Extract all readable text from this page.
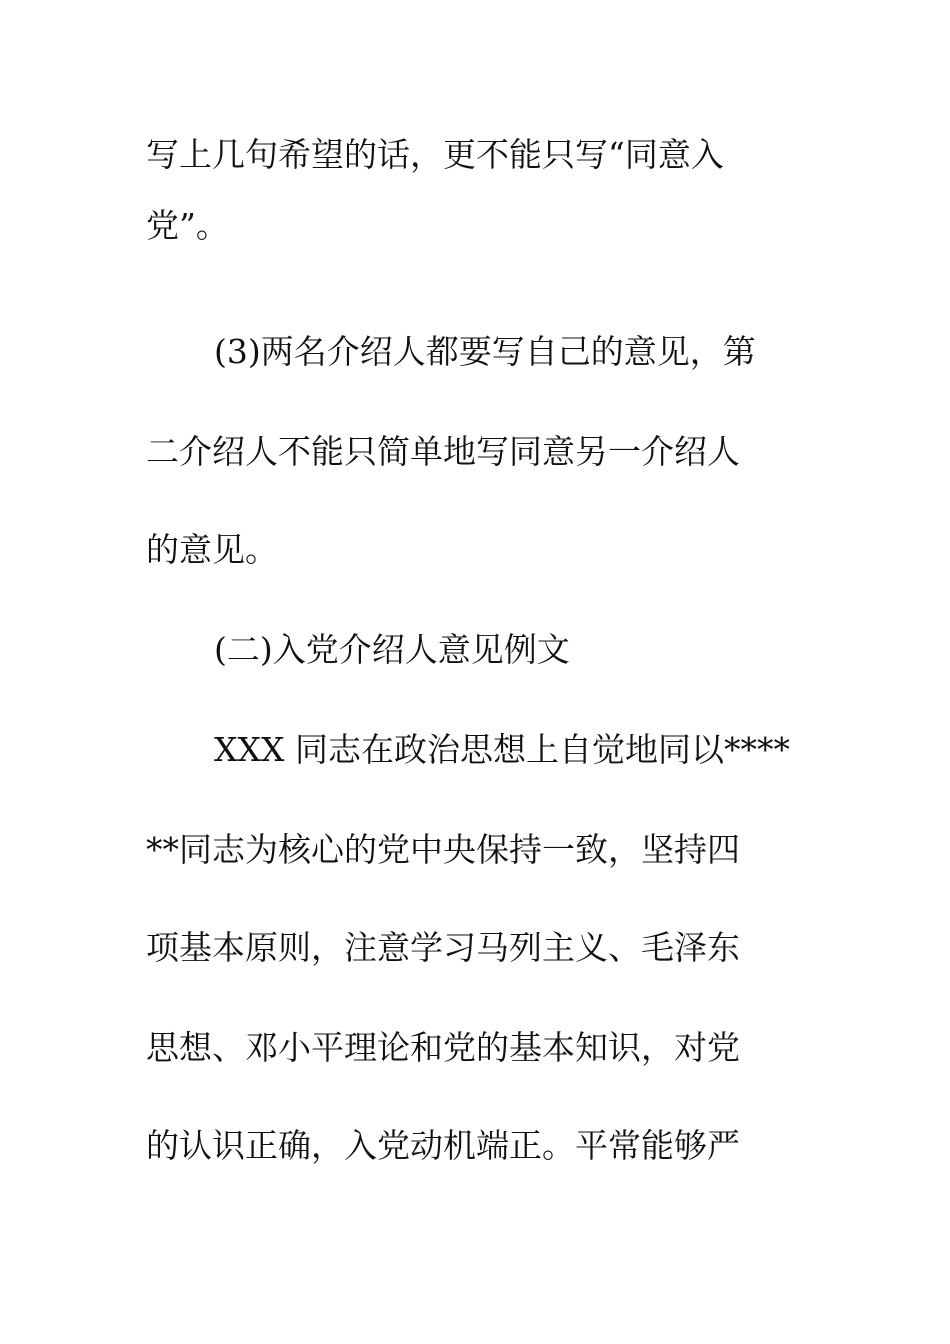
写上几句希望的话，更不能只写“同意入

党”。

(3)两名介绍人都要写自己的意见，第

二介绍人不能只简单地写同意另一介绍人

的意见。

(二)入党介绍人意见例文

XXX 同志在政治思想上自觉地同以****

**同志为核心的党中央保持一致，坚持四

项基本原则，注意学习马列主义、毛泽东

思想、邓小平理论和党的基本知识，对党

的认识正确，入党动机端正。平常能够严
